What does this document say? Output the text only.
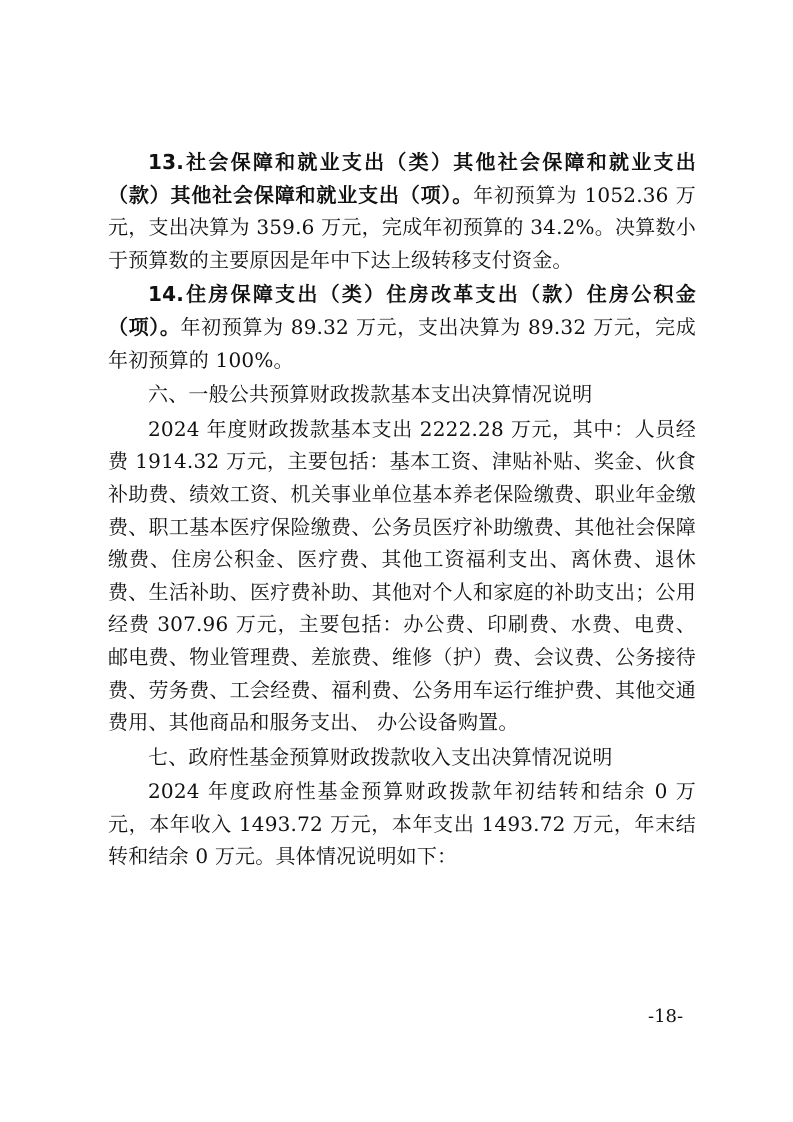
13.社会保障和就业支出（类）其他社会保障和就业支出（款）其他社会保障和就业支出（项）。年初预算为 1052.36 万元，支出决算为 359.6 万元，完成年初预算的 34.2%。决算数小于预算数的主要原因是年中下达上级转移支付资金。

14.住房保障支出（类）住房改革支出（款）住房公积金（项）。年初预算为 89.32 万元，支出决算为 89.32 万元，完成年初预算的 100%。

六、一般公共预算财政拨款基本支出决算情况说明

2024 年度财政拨款基本支出 2222.28 万元，其中：人员经费 1914.32 万元，主要包括：基本工资、津贴补贴、奖金、伙食补助费、绩效工资、机关事业单位基本养老保险缴费、职业年金缴费、职工基本医疗保险缴费、公务员医疗补助缴费、其他社会保障缴费、住房公积金、医疗费、其他工资福利支出、离休费、退休费、生活补助、医疗费补助、其他对个人和家庭的补助支出；公用经费 307.96 万元，主要包括：办公费、印刷费、水费、电费、邮电费、物业管理费、差旅费、维修（护）费、会议费、公务接待费、劳务费、工会经费、福利费、公务用车运行维护费、其他交通费用、其他商品和服务支出、 办公设备购置。

七、政府性基金预算财政拨款收入支出决算情况说明

2024 年度政府性基金预算财政拨款年初结转和结余 0 万元，本年收入 1493.72 万元，本年支出 1493.72 万元，年末结转和结余 0 万元。具体情况说明如下：

-18-
